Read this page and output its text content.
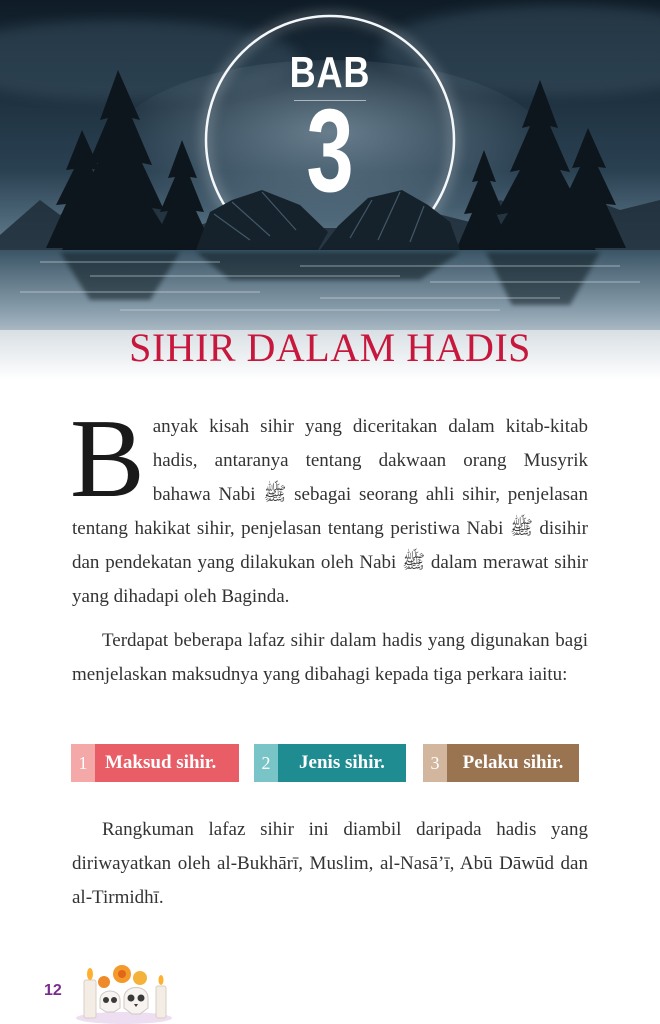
BAB
3
SIHIR DALAM HADIS

Banyak kisah sihir yang diceritakan dalam kitab-kitab hadis, antaranya tentang dakwaan orang Musyrik bahawa Nabi ﷺ sebagai seorang ahli sihir, penjelasan tentang hakikat sihir, penjelasan tentang peristiwa Nabi ﷺ disihir dan pendekatan yang dilakukan oleh Nabi ﷺ dalam merawat sihir yang dihadapi oleh Baginda.

Terdapat beberapa lafaz sihir dalam hadis yang digunakan bagi menjelaskan maksudnya yang dibahagi kepada tiga perkara iaitu:

1 Maksud sihir.	2	Jenis sihir.	3	Pelaku sihir.

Rangkuman lafaz sihir ini diambil daripada hadis yang diriwayatkan oleh al-Bukhārī, Muslim, al-Nasā’ī, Abū Dāwūd dan al-Tirmidhī.

12
